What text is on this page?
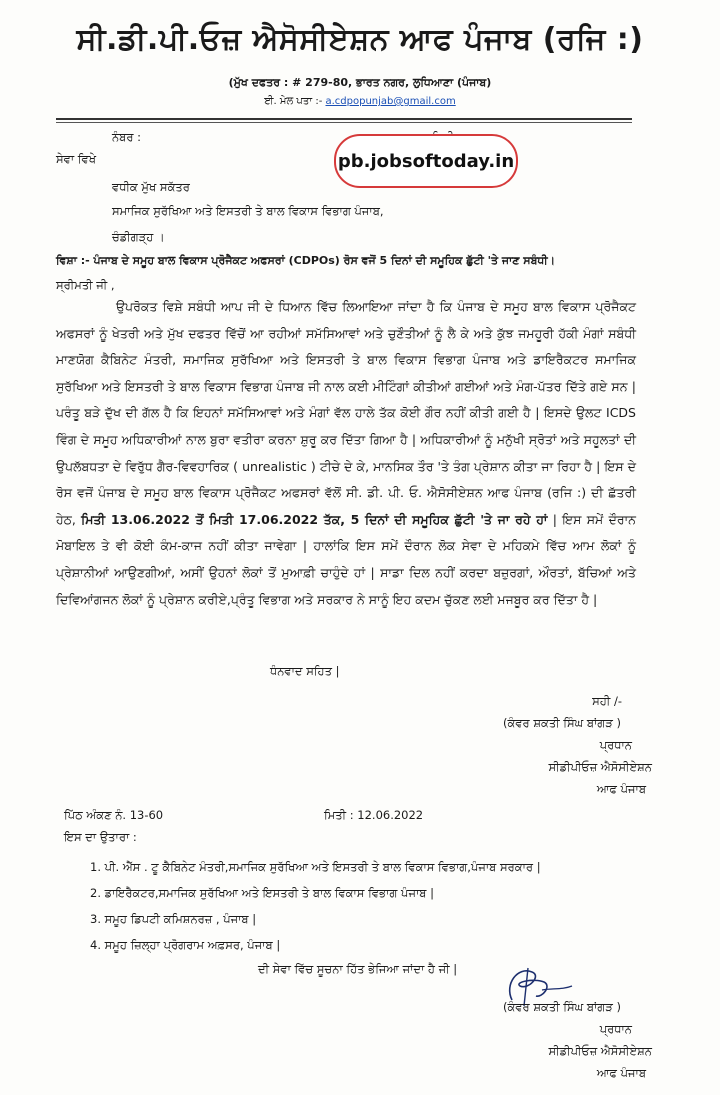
ਸੀ.ਡੀ.ਪੀ.ਓਜ਼ ਐਸੋਸੀਏਸ਼ਨ ਆਫ ਪੰਜਾਬ (ਰਜਿ :)
(ਮੁੱਖ ਦਫਤਰ : # 279-80, ਭਾਰਤ ਨਗਰ, ਲੁਧਿਆਣਾ (ਪੰਜਾਬ)
ਈ. ਮੇਲ ਪਤਾ :- a.cdpopunjab@gmail.com
ਨੰਬਰ :
pb.jobsoftoday.in
ਸੇਵਾ ਵਿਖੇ
ਵਧੀਕ ਮੁੱਖ ਸਕੱਤਰ
ਸਮਾਜਿਕ ਸੁਰੱਖਿਆ ਅਤੇ ਇਸਤਰੀ ਤੇ ਬਾਲ ਵਿਕਾਸ ਵਿਭਾਗ ਪੰਜਾਬ,
ਚੰਡੀਗੜ੍ਹ ।
ਵਿਸ਼ਾ :- ਪੰਜਾਬ ਦੇ ਸਮੂਹ ਬਾਲ ਵਿਕਾਸ ਪ੍ਰੋਜੈਕਟ ਅਫਸਰਾਂ (CDPOs) ਰੋਸ ਵਜੋਂ 5 ਦਿਨਾਂ ਦੀ ਸਮੂਹਿਕ ਛੁੱਟੀ 'ਤੇ ਜਾਣ ਸਬੰਧੀ।
ਸ੍ਰੀਮਤੀ ਜੀ ,
ਉਪਰੋਕਤ ਵਿਸ਼ੇ ਸਬੰਧੀ ਆਪ ਜੀ ਦੇ ਧਿਆਨ ਵਿੱਚ ਲਿਆਇਆ ਜਾਂਦਾ ਹੈ ਕਿ ਪੰਜਾਬ ਦੇ ਸਮੂਹ ਬਾਲ ਵਿਕਾਸ ਪ੍ਰੋਜੈਕਟ ਅਫਸਰਾਂ ਨੂੰ ਖੇਤਰੀ ਅਤੇ ਮੁੱਖ ਦਫਤਰ ਵਿੱਚੋਂ ਆ ਰਹੀਆਂ ਸਮੱਸਿਆਵਾਂ ਅਤੇ ਚੁਣੌਤੀਆਂ ਨੂੰ ਲੈ ਕੇ ਅਤੇ ਕੁੱਝ ਜਮਹੂਰੀ ਹੱਕੀ ਮੰਗਾਂ ਸਬੰਧੀ ਮਾਣਯੋਗ ਕੈਬਿਨੇਟ ਮੰਤਰੀ, ਸਮਾਜਿਕ ਸੁਰੱਖਿਆ ਅਤੇ ਇਸਤਰੀ ਤੇ ਬਾਲ ਵਿਕਾਸ ਵਿਭਾਗ ਪੰਜਾਬ ਅਤੇ ਡਾਇਰੈਕਟਰ ਸਮਾਜਿਕ ਸੁਰੱਖਿਆ ਅਤੇ ਇਸਤਰੀ ਤੇ ਬਾਲ ਵਿਕਾਸ ਵਿਭਾਗ ਪੰਜਾਬ ਜੀ ਨਾਲ ਕਈ ਮੀਟਿੰਗਾਂ ਕੀਤੀਆਂ ਗਈਆਂ ਅਤੇ ਮੰਗ-ਪੱਤਰ ਦਿੱਤੇ ਗਏ ਸਨ | ਪਰੰਤੂ ਬੜੇ ਦੁੱਖ ਦੀ ਗੱਲ ਹੈ ਕਿ ਇਹਨਾਂ ਸਮੱਸਿਆਵਾਂ ਅਤੇ ਮੰਗਾਂ ਵੱਲ ਹਾਲੇ ਤੱਕ ਕੋਈ ਗੌਰ ਨਹੀਂ ਕੀਤੀ ਗਈ ਹੈ | ਇਸਦੇ ਉਲਟ ICDS ਵਿੰਗ ਦੇ ਸਮੂਹ ਅਧਿਕਾਰੀਆਂ ਨਾਲ ਬੁਰਾ ਵਤੀਰਾ ਕਰਨਾ ਸ਼ੁਰੂ ਕਰ ਦਿੱਤਾ ਗਿਆ ਹੈ | ਅਧਿਕਾਰੀਆਂ ਨੂੰ ਮਨੁੱਖੀ ਸ੍ਰੋਤਾਂ ਅਤੇ ਸਹੂਲਤਾਂ ਦੀ ਉਪਲੱਬਧਤਾ ਦੇ ਵਿਰੁੱਧ ਗੈਰ-ਵਿਵਹਾਰਿਕ ( unrealistic ) ਟੀਚੇ ਦੇ ਕੇ, ਮਾਨਸਿਕ ਤੌਰ 'ਤੇ ਤੰਗ ਪ੍ਰੇਸ਼ਾਨ ਕੀਤਾ ਜਾ ਰਿਹਾ ਹੈ | ਇਸ ਦੇ ਰੋਸ ਵਜੋਂ ਪੰਜਾਬ ਦੇ ਸਮੂਹ ਬਾਲ ਵਿਕਾਸ ਪ੍ਰੋਜੈਕਟ ਅਫਸਰਾਂ ਵੱਲੋਂ ਸੀ. ਡੀ. ਪੀ. ਓ. ਐਸੋਸੀਏਸ਼ਨ ਆਫ ਪੰਜਾਬ (ਰਜਿ :) ਦੀ ਛੱਤਰੀ ਹੇਠ, ਮਿਤੀ 13.06.2022 ਤੋਂ ਮਿਤੀ 17.06.2022 ਤੱਕ, 5 ਦਿਨਾਂ ਦੀ ਸਮੂਹਿਕ ਛੁੱਟੀ 'ਤੇ ਜਾ ਰਹੇ ਹਾਂ | ਇਸ ਸਮੇਂ ਦੌਰਾਨ ਮੋਬਾਇਲ ਤੇ ਵੀ ਕੋਈ ਕੰਮ-ਕਾਜ ਨਹੀਂ ਕੀਤਾ ਜਾਵੇਗਾ | ਹਾਲਾਂਕਿ ਇਸ ਸਮੇਂ ਦੌਰਾਨ ਲੋਕ ਸੇਵਾ ਦੇ ਮਹਿਕਮੇ ਵਿੱਚ ਆਮ ਲੋਕਾਂ ਨੂੰ ਪ੍ਰੇਸ਼ਾਨੀਆਂ ਆਉਣਗੀਆਂ, ਅਸੀਂ ਉਹਨਾਂ ਲੋਕਾਂ ਤੋਂ ਮੁਆਫ਼ੀ ਚਾਹੁੰਦੇ ਹਾਂ | ਸਾਡਾ ਦਿਲ ਨਹੀਂ ਕਰਦਾ ਬਜ਼ੁਰਗਾਂ, ਔਰਤਾਂ, ਬੱਚਿਆਂ ਅਤੇ ਦਿਵਿਆਂਗਜਨ ਲੋਕਾਂ ਨੂੰ ਪ੍ਰੇਸ਼ਾਨ ਕਰੀਏ,ਪ੍ਰੰਤੂ ਵਿਭਾਗ ਅਤੇ ਸਰਕਾਰ ਨੇ ਸਾਨੂੰ ਇਹ ਕਦਮ ਚੁੱਕਣ ਲਈ ਮਜਬੂਰ ਕਰ ਦਿੱਤਾ ਹੈ |
ਧੰਨਵਾਦ ਸਹਿਤ |
ਸਹੀ /-
(ਕੰਵਰ ਸ਼ਕਤੀ ਸਿੰਘ ਬਾਂਗੜ )
ਪ੍ਰਧਾਨ
ਸੀਡੀਪੀਓਜ਼ ਐਸੋਸੀਏਸ਼ਨ
ਆਫ ਪੰਜਾਬ
ਪਿੱਠ ਅੰਕਣ ਨੰ. 13-60	ਮਿਤੀ : 12.06.2022
ਇਸ ਦਾ ਉਤਾਰਾ :
1. ਪੀ. ਐੱਸ . ਟੂ ਕੈਬਿਨੇਟ ਮੰਤਰੀ,ਸਮਾਜਿਕ ਸੁਰੱਖਿਆ ਅਤੇ ਇਸਤਰੀ ਤੇ ਬਾਲ ਵਿਕਾਸ ਵਿਭਾਗ,ਪੰਜਾਬ ਸਰਕਾਰ |
2. ਡਾਇਰੈਕਟਰ,ਸਮਾਜਿਕ ਸੁਰੱਖਿਆ ਅਤੇ ਇਸਤਰੀ ਤੇ ਬਾਲ ਵਿਕਾਸ ਵਿਭਾਗ ਪੰਜਾਬ |
3. ਸਮੂਹ ਡਿਪਟੀ ਕਮਿਸ਼ਨਰਜ਼ , ਪੰਜਾਬ |
4. ਸਮੂਹ ਜ਼ਿਲ੍ਹਾ ਪ੍ਰੋਗਰਾਮ ਅਫ਼ਸਰ, ਪੰਜਾਬ |
ਦੀ ਸੇਵਾ ਵਿੱਚ ਸੂਚਨਾ ਹਿੱਤ ਭੇਜਿਆ ਜਾਂਦਾ ਹੈ ਜੀ |
(ਕੰਵਰ ਸ਼ਕਤੀ ਸਿੰਘ ਬਾਂਗੜ )
ਪ੍ਰਧਾਨ
ਸੀਡੀਪੀਓਜ਼ ਐਸੋਸੀਏਸ਼ਨ
ਆਫ ਪੰਜਾਬ
